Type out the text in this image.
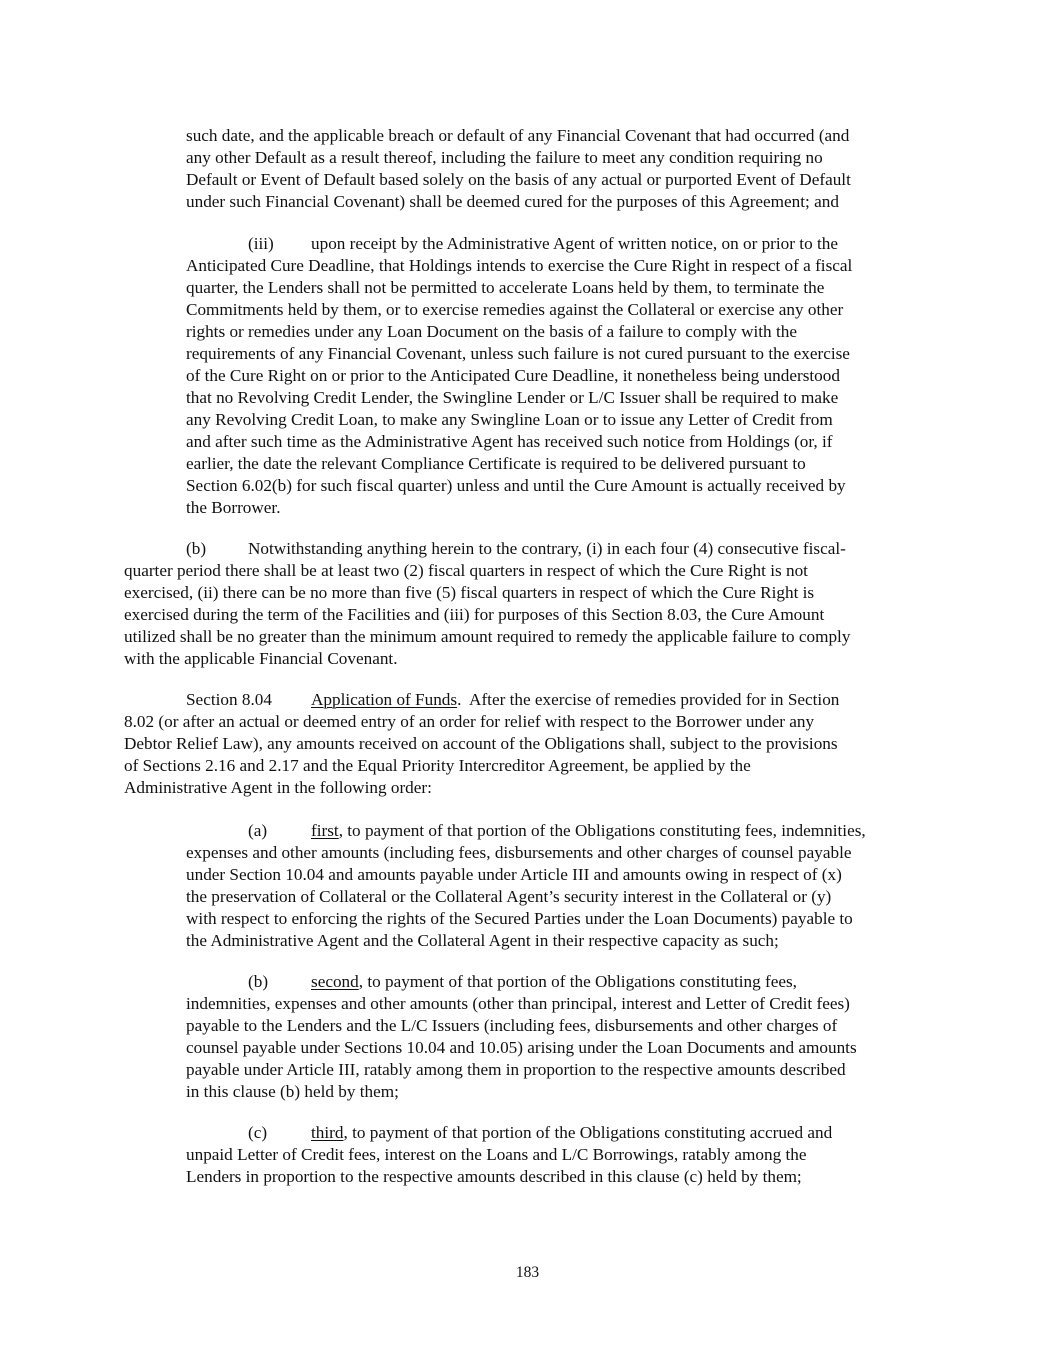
such date, and the applicable breach or default of any Financial Covenant that had occurred (and

any other Default as a result thereof, including the failure to meet any condition requiring no

Default or Event of Default based solely on the basis of any actual or purported Event of Default

under such Financial Covenant) shall be deemed cured for the purposes of this Agreement; and

(iii) upon receipt by the Administrative Agent of written notice, on or prior to the

Anticipated Cure Deadline, that Holdings intends to exercise the Cure Right in respect of a fiscal

quarter, the Lenders shall not be permitted to accelerate Loans held by them, to terminate the

Commitments held by them, or to exercise remedies against the Collateral or exercise any other

rights or remedies under any Loan Document on the basis of a failure to comply with the

requirements of any Financial Covenant, unless such failure is not cured pursuant to the exercise

of the Cure Right on or prior to the Anticipated Cure Deadline, it nonetheless being understood

that no Revolving Credit Lender, the Swingline Lender or L/C Issuer shall be required to make

any Revolving Credit Loan, to make any Swingline Loan or to issue any Letter of Credit from

and after such time as the Administrative Agent has received such notice from Holdings (or, if

earlier, the date the relevant Compliance Certificate is required to be delivered pursuant to

Section 6.02(b) for such fiscal quarter) unless and until the Cure Amount is actually received by

the Borrower.

(b) Notwithstanding anything herein to the contrary, (i) in each four (4) consecutive fiscal-

quarter period there shall be at least two (2) fiscal quarters in respect of which the Cure Right is not

exercised, (ii) there can be no more than five (5) fiscal quarters in respect of which the Cure Right is

exercised during the term of the Facilities and (iii) for purposes of this Section 8.03, the Cure Amount

utilized shall be no greater than the minimum amount required to remedy the applicable failure to comply

with the applicable Financial Covenant.

Section 8.04 Application of Funds.  After the exercise of remedies provided for in Section

8.02 (or after an actual or deemed entry of an order for relief with respect to the Borrower under any

Debtor Relief Law), any amounts received on account of the Obligations shall, subject to the provisions

of Sections 2.16 and 2.17 and the Equal Priority Intercreditor Agreement, be applied by the

Administrative Agent in the following order:

(a)	first, to payment of that portion of the Obligations constituting fees, indemnities,

expenses and other amounts (including fees, disbursements and other charges of counsel payable

under Section 10.04 and amounts payable under Article III and amounts owing in respect of (x)

the preservation of Collateral or the Collateral Agent’s security interest in the Collateral or (y)

with respect to enforcing the rights of the Secured Parties under the Loan Documents) payable to

the Administrative Agent and the Collateral Agent in their respective capacity as such;

(b) second, to payment of that portion of the Obligations constituting fees,

indemnities, expenses and other amounts (other than principal, interest and Letter of Credit fees)

payable to the Lenders and the L/C Issuers (including fees, disbursements and other charges of

counsel payable under Sections 10.04 and 10.05) arising under the Loan Documents and amounts

payable under Article III, ratably among them in proportion to the respective amounts described

in this clause (b) held by them;

(c)	third, to payment of that portion of the Obligations constituting accrued and

unpaid Letter of Credit fees, interest on the Loans and L/C Borrowings, ratably among the

Lenders in proportion to the respective amounts described in this clause (c) held by them;

183
